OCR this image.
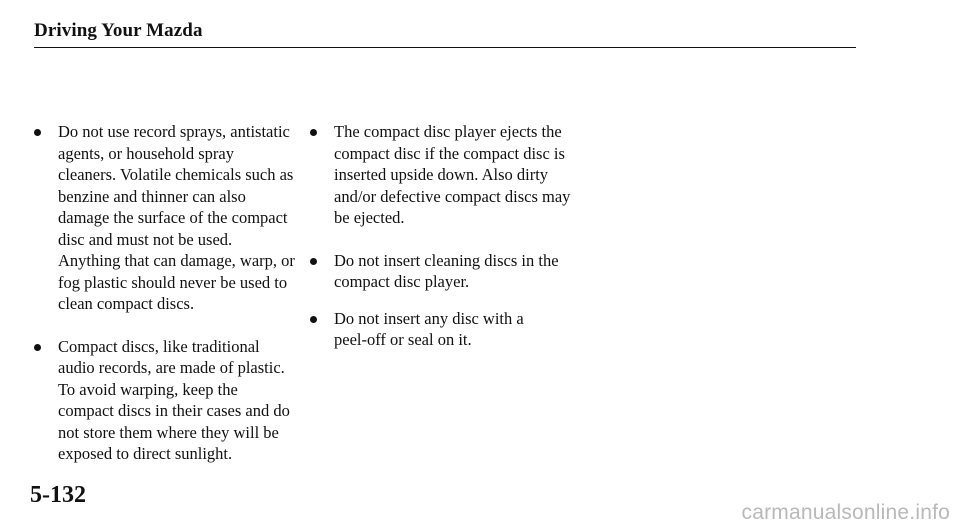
Driving Your Mazda
Do not use record sprays, antistatic
agents, or household spray
cleaners. Volatile chemicals such as
benzine and thinner can also
damage the surface of the compact
disc and must not be used.
Anything that can damage, warp, or
fog plastic should never be used to
clean compact discs.
Compact discs, like traditional
audio records, are made of plastic.
To avoid warping, keep the
compact discs in their cases and do
not store them where they will be
exposed to direct sunlight.
The compact disc player ejects the
compact disc if the compact disc is
inserted upside down. Also dirty
and/or defective compact discs may
be ejected.
Do not insert cleaning discs in the
compact disc player.
Do not insert any disc with a
peel-off or seal on it.
5-132
carmanualsonline.info
